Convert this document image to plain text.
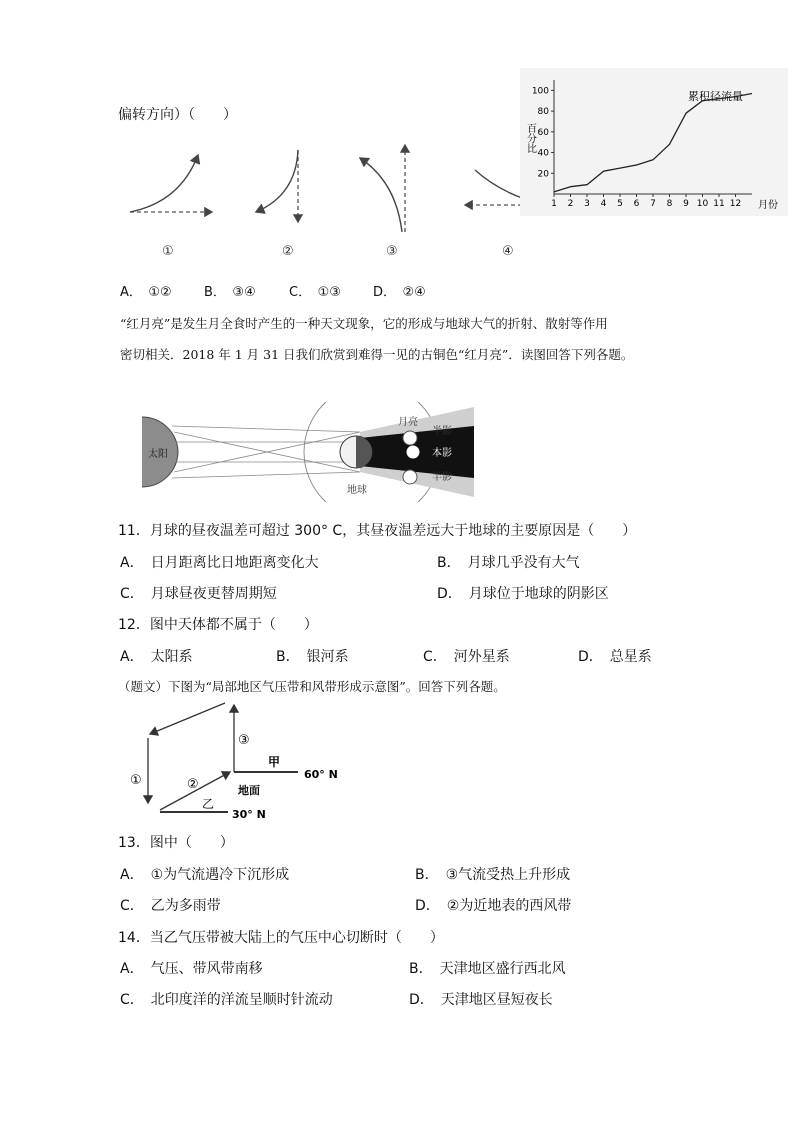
偏转方向）（　　）
①	②	③	④
累积径流量
百分比
月份
1 2 3 4 5 6 7 8 9 10 11 12
20
40
60
80
100
A．　①② B．　③④	C．　①③ D．　②④
“红月亮”是发生月全食时产生的一种天文现象，它的形成与地球大气的折射、散射等作用
密切相关．2018 年 1 月 31 日我们欣赏到难得一见的古铜色“红月亮”．读图回答下列各题。
太阳
月亮
半影
本影
半影
地球
11．月球的昼夜温差可超过 300° C，其昼夜温差远大于地球的主要原因是（　　）
A．　日月距离比日地距离变化大	B．　月球几乎没有大气
C．　月球昼夜更替周期短	D．　月球位于地球的阴影区
12．图中天体都不属于（　　）
A．　太阳系	B．　银河系	C．　河外星系	D．　总星系
（题文）下图为“局部地区气压带和风带形成示意图”。回答下列各题。
①	②
③
甲
乙
地面
60° N
30° N
13．图中（　　）
A．　①为气流遇冷下沉形成	B．　③气流受热上升形成
C．　乙为多雨带	D．　②为近地表的西风带
14．当乙气压带被大陆上的气压中心切断时（　　）
A．　气压、带风带南移	B．　天津地区盛行西北风
C．　北印度洋的洋流呈顺时针流动	D．　天津地区昼短夜长
